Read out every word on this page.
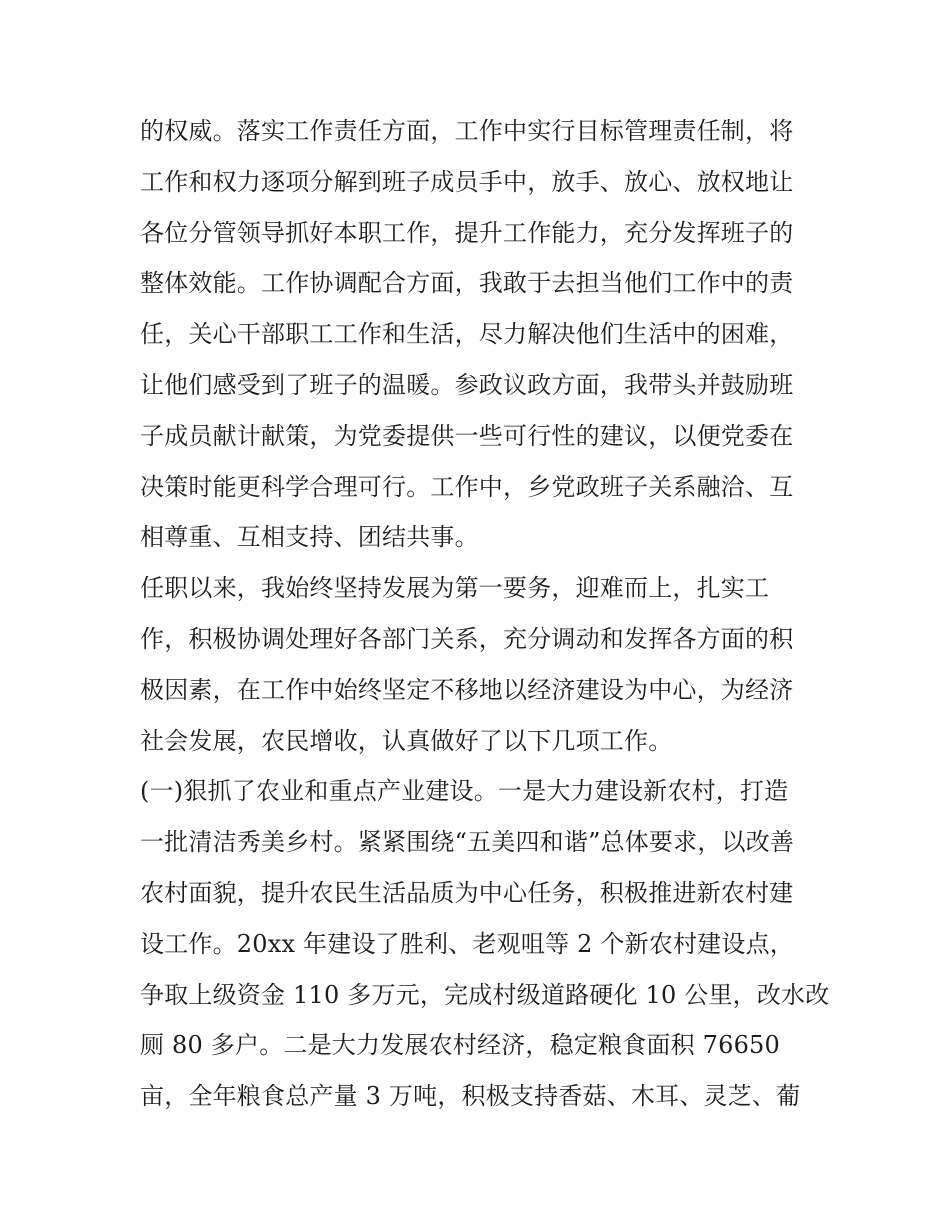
的权威。落实工作责任方面，工作中实行目标管理责任制，将
工作和权力逐项分解到班子成员手中，放手、放心、放权地让
各位分管领导抓好本职工作，提升工作能力，充分发挥班子的
整体效能。工作协调配合方面，我敢于去担当他们工作中的责
任，关心干部职工工作和生活，尽力解决他们生活中的困难，
让他们感受到了班子的温暖。参政议政方面，我带头并鼓励班
子成员献计献策，为党委提供一些可行性的建议，以便党委在
决策时能更科学合理可行。工作中，乡党政班子关系融洽、互
相尊重、互相支持、团结共事。
任职以来，我始终坚持发展为第一要务，迎难而上，扎实工
作，积极协调处理好各部门关系，充分调动和发挥各方面的积
极因素，在工作中始终坚定不移地以经济建设为中心，为经济
社会发展，农民增收，认真做好了以下几项工作。
(一)狠抓了农业和重点产业建设。一是大力建设新农村，打造
一批清洁秀美乡村。紧紧围绕“五美四和谐”总体要求，以改善
农村面貌，提升农民生活品质为中心任务，积极推进新农村建
设工作。20xx 年建设了胜利、老观咀等 2 个新农村建设点，
争取上级资金 110 多万元，完成村级道路硬化 10 公里，改水改
厕 80 多户。二是大力发展农村经济，稳定粮食面积 76650
亩，全年粮食总产量 3 万吨，积极支持香菇、木耳、灵芝、葡
